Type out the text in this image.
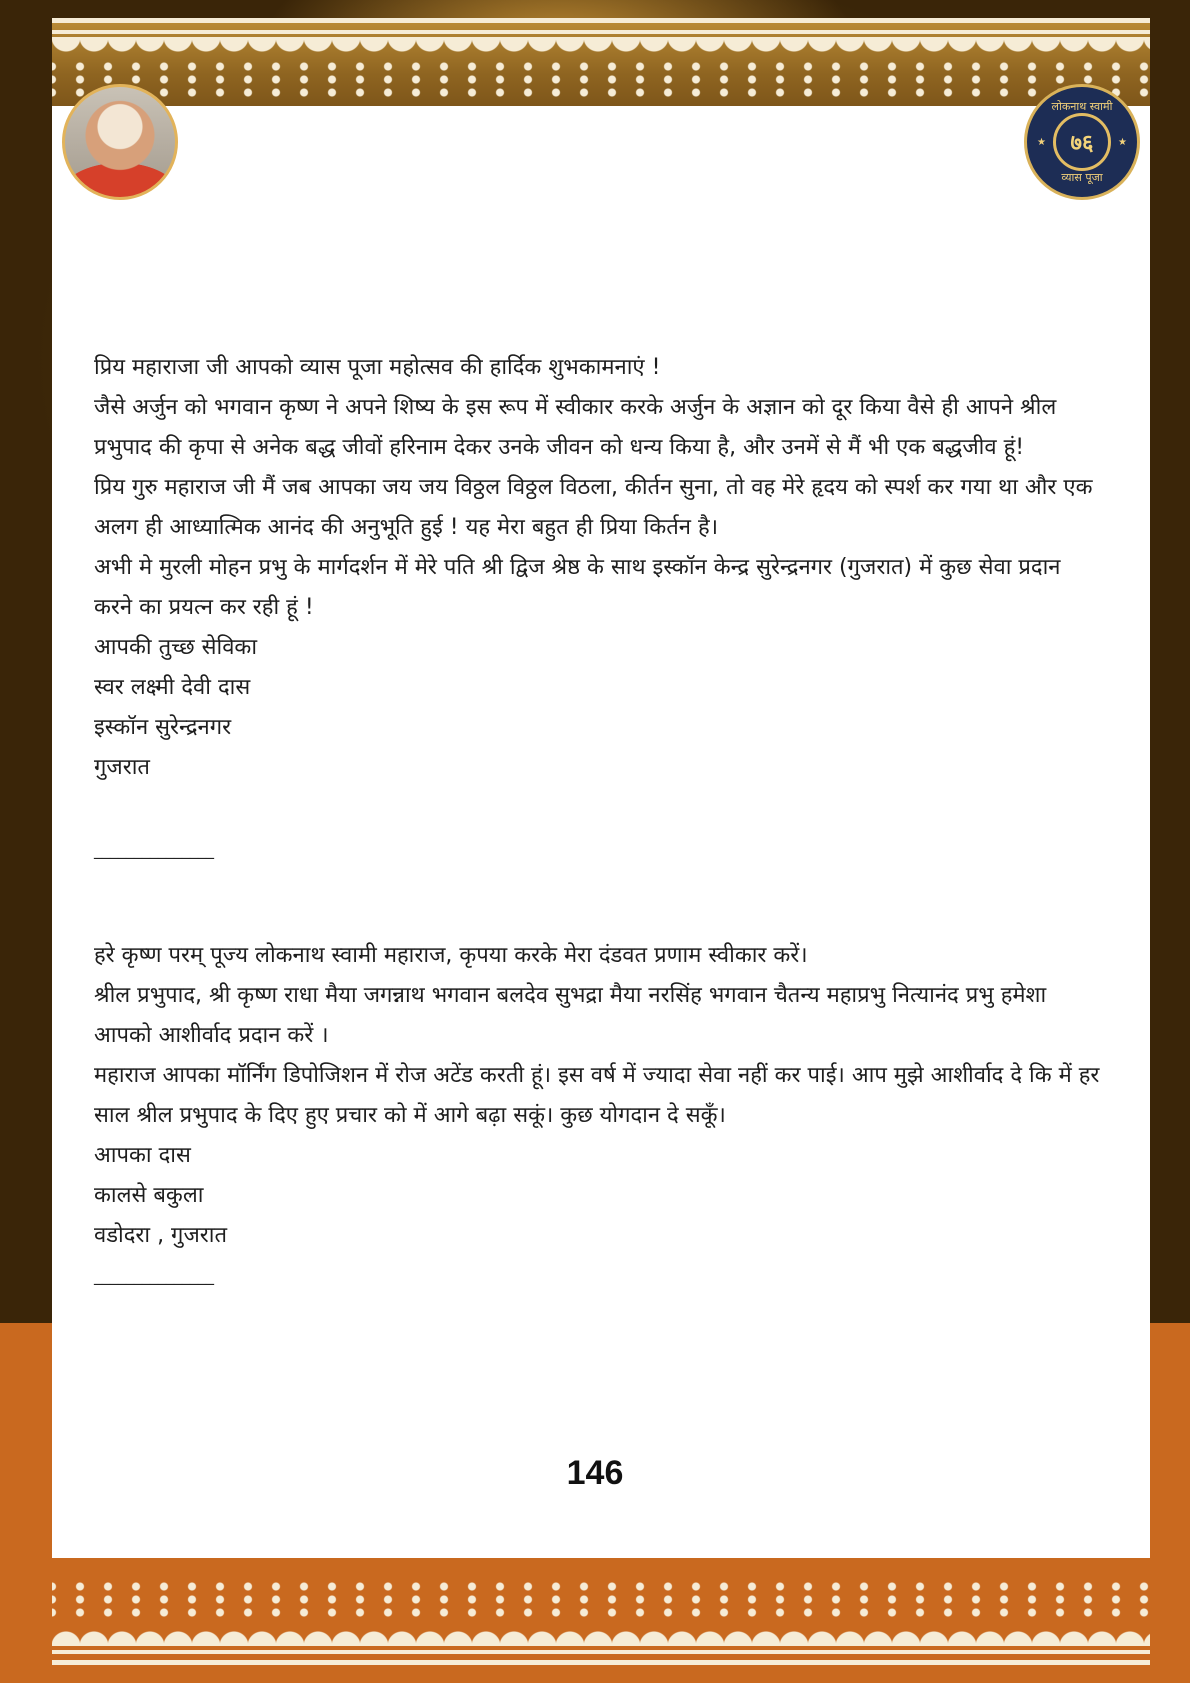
लोकनाथ स्वामी
★	७६	★
व्यास पूजा

प्रिय महाराजा जी आपको व्यास पूजा महोत्सव की हार्दिक शुभकामनाएं !

जैसे अर्जुन को भगवान कृष्ण ने अपने शिष्य के इस रूप में स्वीकार करके अर्जुन के अज्ञान को दूर किया वैसे ही आपने श्रील प्रभुपाद की कृपा से अनेक बद्ध जीवों हरिनाम देकर उनके जीवन को धन्य किया है, और उनमें से मैं भी एक बद्धजीव हूं!

प्रिय गुरु महाराज जी मैं जब आपका जय जय विठ्ठल विठ्ठल विठला, कीर्तन सुना, तो वह मेरे हृदय को स्पर्श कर गया था और एक अलग ही आध्यात्मिक आनंद की अनुभूति हुई ! यह मेरा बहुत ही प्रिया किर्तन है।

अभी मे मुरली मोहन प्रभु के मार्गदर्शन में मेरे पति श्री द्विज श्रेष्ठ के साथ इस्कॉन केन्द्र सुरेन्द्रनगर (गुजरात) में कुछ सेवा प्रदान करने का प्रयत्न कर रही हूं !

आपकी तुच्छ सेविका

स्वर लक्ष्मी देवी दास

इस्कॉन सुरेन्द्रनगर

गुजरात

_______________

हरे कृष्ण परम् पूज्य लोकनाथ स्वामी महाराज, कृपया करके मेरा दंडवत प्रणाम स्वीकार करें।

श्रील प्रभुपाद, श्री कृष्ण राधा मैया जगन्नाथ भगवान बलदेव सुभद्रा मैया नरसिंह भगवान चैतन्य महाप्रभु नित्यानंद प्रभु हमेशा आपको आशीर्वाद प्रदान करें ।

महाराज आपका मॉर्निंग डिपोजिशन में रोज अटेंड करती हूं। इस वर्ष में ज्यादा सेवा नहीं कर पाई। आप मुझे आशीर्वाद दे कि में हर साल श्रील प्रभुपाद के दिए हुए प्रचार को में आगे बढ़ा सकूं। कुछ योगदान दे सकूँ।

आपका दास

कालसे बकुला

वडोदरा , गुजरात

_______________

146
